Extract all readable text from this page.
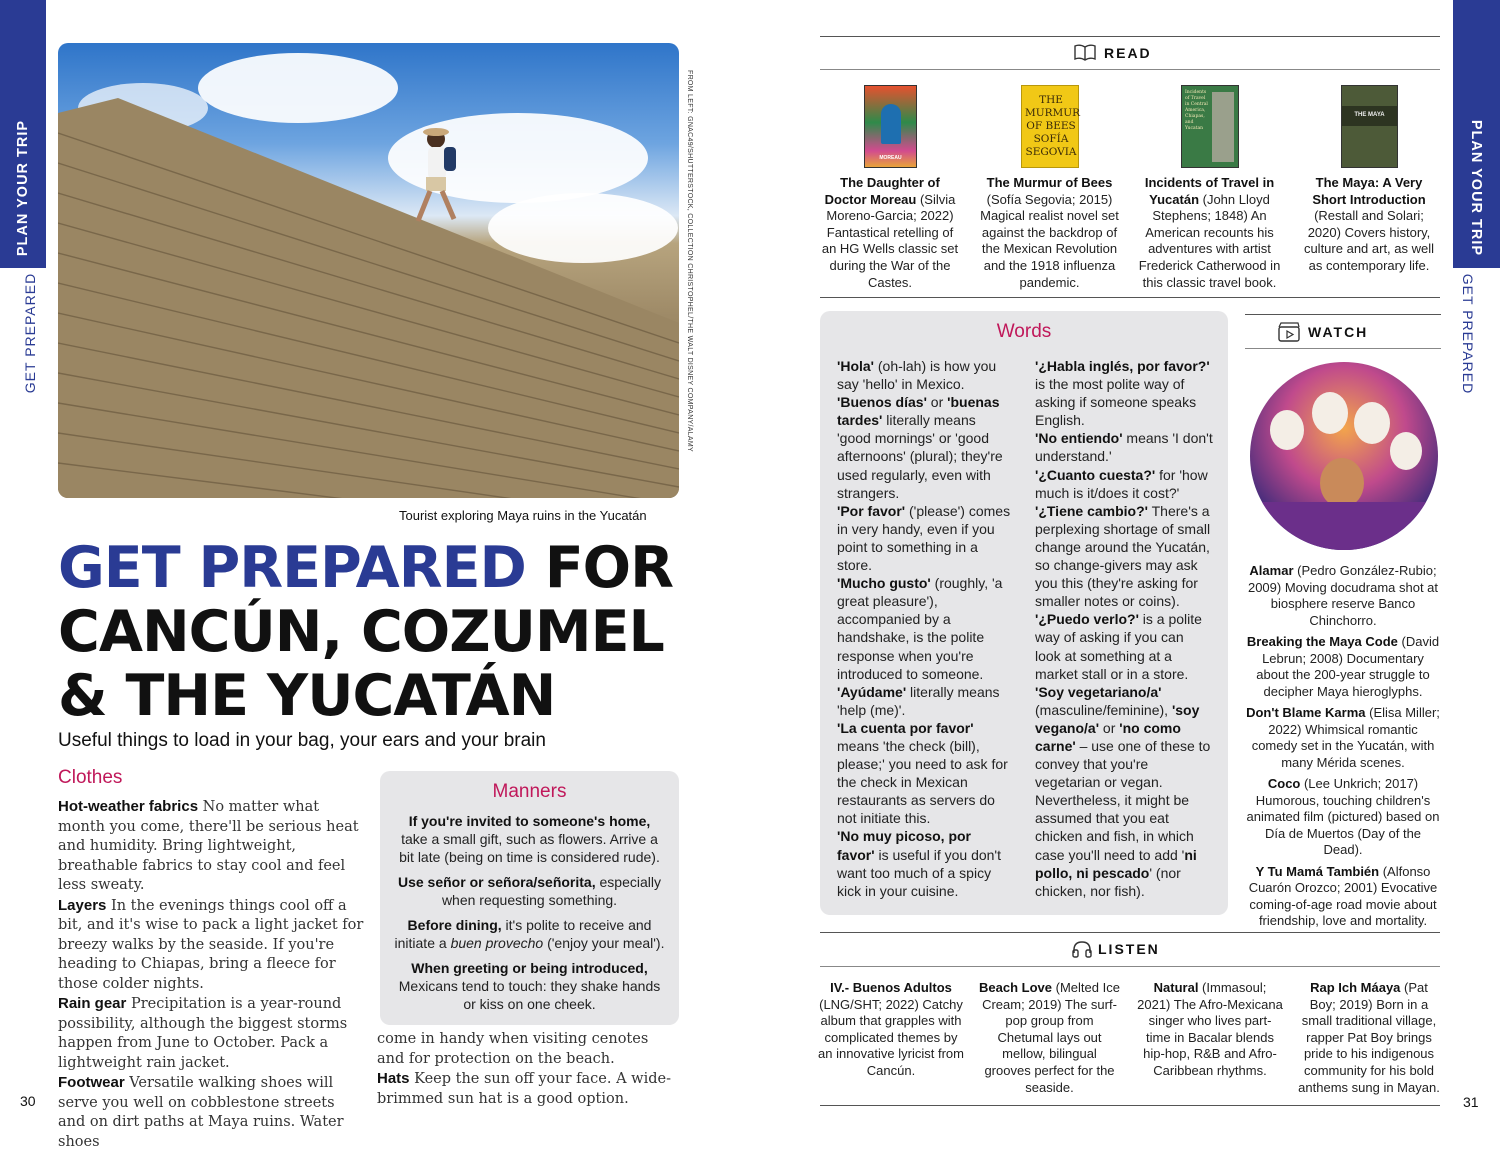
PLAN YOUR TRIP
GET PREPARED
30
PLAN YOUR TRIP
GET PREPARED
31
FROM LEFT: GNAC49/SHUTTERSTOCK, COLLECTION CHRISTOPHEL/THE WALT DISNEY COMPANY/ALAMY
Tourist exploring Maya ruins in the Yucatán
GET PREPARED FOR
CANCÚN, COZUMEL
& THE YUCATÁN
Useful things to load in your bag, your ears and your brain
Clothes
Hot-weather fabrics No matter what month you come, there'll be serious heat and humidity. Bring lightweight, breathable fabrics to stay cool and feel less sweaty.
Layers In the evenings things cool off a bit, and it's wise to pack a light jacket for breezy walks by the seaside. If you're heading to Chiapas, bring a fleece for those colder nights.
Rain gear Precipitation is a year-round possibility, although the biggest storms happen from June to October. Pack a lightweight rain jacket.
Footwear Versatile walking shoes will serve you well on cobblestone streets and on dirt paths at Maya ruins. Water shoes
come in handy when visiting cenotes and for protection on the beach.
Hats Keep the sun off your face. A wide-brimmed sun hat is a good option.
Manners

If you're invited to someone's home, take a small gift, such as flowers. Arrive a bit late (being on time is considered rude).

Use señor or señora/señorita, especially when requesting something.

Before dining, it's polite to receive and initiate a buen provecho ('enjoy your meal').

When greeting or being introduced, Mexicans tend to touch: they shake hands or kiss on one cheek.

READ
MOREAU
THE MURMUR OF BEES SOFÍA SEGOVIA
Incidents of Travel in Central America, Chiapas, and Yucatan
THE MAYA
The Daughter of Doctor Moreau (Silvia Moreno-Garcia; 2022) Fantastical retelling of an HG Wells classic set during the War of the Castes.
The Murmur of Bees (Sofía Segovia; 2015) Magical realist novel set against the backdrop of the Mexican Revolution and the 1918 influenza pandemic.
Incidents of Travel in Yucatán (John Lloyd Stephens; 1848) An American recounts his adventures with artist Frederick Catherwood in this classic travel book.
The Maya: A Very Short Introduction (Restall and Solari; 2020) Covers history, culture and art, as well as contemporary life.
Words
'Hola' (oh-lah) is how you say 'hello' in Mexico.
'Buenos días' or 'buenas tardes' literally means 'good mornings' or 'good afternoons' (plural); they're used regularly, even with strangers.
'Por favor' ('please') comes in very handy, even if you point to something in a store.
'Mucho gusto' (roughly, 'a great pleasure'), accompanied by a handshake, is the polite response when you're introduced to someone.
'Ayúdame' literally means 'help (me)'.
'La cuenta por favor' means 'the check (bill), please;' you need to ask for the check in Mexican restaurants as servers do not initiate this.
'No muy picoso, por favor' is useful if you don't want too much of a spicy kick in your cuisine.
'¿Habla inglés, por favor?' is the most polite way of asking if someone speaks English.
'No entiendo' means 'I don't understand.'
'¿Cuanto cuesta?' for 'how much is it/does it cost?'
'¿Tiene cambio?' There's a perplexing shortage of small change around the Yucatán, so change-givers may ask you this (they're asking for smaller notes or coins).
'¿Puedo verlo?' is a polite way of asking if you can look at something at a market stall or in a store.
'Soy vegetariano/a' (masculine/feminine), 'soy vegano/a' or 'no como carne' – use one of these to convey that you're vegetarian or vegan. Nevertheless, it might be assumed that you eat chicken and fish, in which case you'll need to add 'ni pollo, ni pescado' (nor chicken, nor fish).
WATCH

Alamar (Pedro González-Rubio; 2009) Moving docudrama shot at biosphere reserve Banco Chinchorro.

Breaking the Maya Code (David Lebrun; 2008) Documentary about the 200-year struggle to decipher Maya hieroglyphs.

Don't Blame Karma (Elisa Miller; 2022) Whimsical romantic comedy set in the Yucatán, with many Mérida scenes.

Coco (Lee Unkrich; 2017) Humorous, touching children's animated film (pictured) based on Día de Muertos (Day of the Dead).

Y Tu Mamá También (Alfonso Cuarón Orozco; 2001) Evocative coming-of-age road movie about friendship, love and mortality.

LISTEN
IV.- Buenos Adultos (LNG/SHT; 2022) Catchy album that grapples with complicated themes by an innovative lyricist from Cancún.
Beach Love (Melted Ice Cream; 2019) The surf-pop group from Chetumal lays out mellow, bilingual grooves perfect for the seaside.
Natural (Immasoul; 2021) The Afro-Mexicana singer who lives part-time in Bacalar blends hip-hop, R&B and Afro-Caribbean rhythms.
Rap Ich Máaya (Pat Boy; 2019) Born in a small traditional village, rapper Pat Boy brings pride to his indigenous community for his bold anthems sung in Mayan.
